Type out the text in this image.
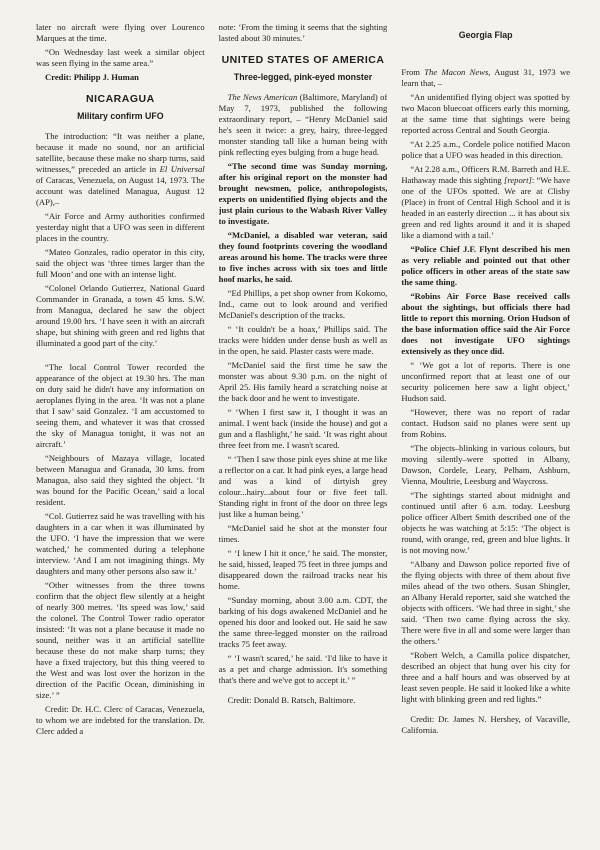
later no aircraft were flying over Lourenco Marques at the time.

“On Wednesday last week a similar object was seen flying in the same area.”

Credit: Philipp J. Human

NICARAGUA
Military confirm UFO

The introduction: “It was neither a plane, because it made no sound, nor an artificial satellite, because these make no sharp turns, said witnesses,” preceded an article in El Universal of Caracas, Venezuela, on August 14, 1973. The account was datelined Managua, August 12 (AP),–

“Air Force and Army authorities confirmed yesterday night that a UFO was seen in different places in the country.

“Mateo Gonzales, radio operator in this city, said the object was ‘three times larger than the full Moon’ and one with an intense light.

“Colonel Orlando Gutierrez, National Guard Commander in Granada, a town 45 kms. S.W. from Managua, declared he saw the object around 19.00 hrs. ‘I have seen it with an aircraft shape, but shining with green and red lights that illuminated a good part of the city.’

“The local Control Tower recorded the appearance of the object at 19.30 hrs. The man on duty said he didn't have any information on aeroplanes flying in the area. ‘It was not a plane that I saw’ said Gonzalez. ‘I am accustomed to seeing them, and whatever it was that crossed the sky of Managua tonight, it was not an aircraft.’

“Neighbours of Mazaya village, located between Managua and Granada, 30 kms. from Managua, also said they sighted the object. ‘It was bound for the Pacific Ocean,’ said a local resident.

“Col. Gutierrez said he was travelling with his daughters in a car when it was illuminated by the UFO. ‘I have the impression that we were watched,’ he commented during a telephone interview. ‘And I am not imagining things. My daughters and many other persons also saw it.’

“Other witnesses from the three towns confirm that the object flew silently at a height of nearly 300 metres. ‘Its speed was low,’ said the colonel. The Control Tower radio operator insisted: ‘It was not a plane because it made no sound, neither was it an artificial satellite because these do not make sharp turns; they have a fixed trajectory, but this thing veered to the West and was lost over the horizon in the direction of the Pacific Ocean, diminishing in size.’ ”

Credit: Dr. H.C. Clerc of Caracas, Venezuela, to whom we are indebted for the translation. Dr. Clerc added a

note: ‘From the timing it seems that the sighting lasted about 30 minutes.’

UNITED STATES OF AMERICA
Three-legged, pink-eyed monster

The News American (Baltimore, Maryland) of May 7, 1973, published the following extraordinary report, – “Henry McDaniel said he's seen it twice: a grey, hairy, three-legged monster standing tall like a human being with pink reflecting eyes bulging from a huge head.

“The second time was Sunday morning, after his original report on the monster had brought newsmen, police, anthropologists, experts on unidentified flying objects and the just plain curious to the Wabash River Valley to investigate.

“McDaniel, a disabled war veteran, said they found footprints covering the woodland areas around his home. The tracks were three to five inches across with six toes and little hoof marks, he said.

“Ed Phillips, a pet shop owner from Kokomo, Ind., came out to look around and verified McDaniel's description of the tracks.

“ ‘It couldn't be a hoax,’ Phillips said. The tracks were hidden under dense bush as well as in the open, he said. Plaster casts were made.

“McDaniel said the first time he saw the monster was about 9.30 p.m. on the night of April 25. His family heard a scratching noise at the back door and he went to investigate.

“ ‘When I first saw it, I thought it was an animal. I went back (inside the house) and got a gun and a flashlight,’ he said. ‘It was right about three feet from me. I wasn't scared.

“ ‘Then I saw those pink eyes shine at me like a reflector on a car. It had pink eyes, a large head and was a kind of dirtyish grey colour...hairy...about four or five feet tall. Standing right in front of the door on three legs just like a human being.’

“McDaniel said he shot at the monster four times.

“ ‘I knew I hit it once,’ he said. The monster, he said, hissed, leaped 75 feet in three jumps and disappeared down the railroad tracks near his home.

“Sunday morning, about 3.00 a.m. CDT, the barking of his dogs awakened McDaniel and he opened his door and looked out. He said he saw the same three-legged monster on the railroad tracks 75 feet away.

“ ‘I wasn't scared,’ he said. ‘I'd like to have it as a pet and charge admission. It's something that's there and we've got to accept it.’ ”

Credit: Donald B. Ratsch, Baltimore.

Georgia Flap

From The Macon News, August 31, 1973 we learn that, –

“An unidentified flying object was spotted by two Macon bluecoat officers early this morning, at the same time that sightings were being reported across Central and South Georgia.

“At 2.25 a.m., Cordele police notified Macon police that a UFO was headed in this direction.

“At 2.28 a.m., Officers R.M. Barreth and H.E. Hathaway made this sighting [report]: “We have one of the UFOs spotted. We are at Clisby (Place) in front of Central High School and it is headed in an easterly direction ... it has about six green and red lights around it and it is shaped like a diamond with a tail.’

“Police Chief J.F. Flynt described his men as very reliable and pointed out that other police officers in other areas of the state saw the same thing.

“Robins Air Force Base received calls about the sightings, but officials there had little to report this morning. Orion Hudson of the base information office said the Air Force does not investigate UFO sightings extensively as they once did.

“ ‘We got a lot of reports. There is one unconfirmed report that at least one of our security policemen here saw a light object,’ Hudson said.

“However, there was no report of radar contact. Hudson said no planes were sent up from Robins.

“The objects–blinking in various colours, but moving silently–were spotted in Albany, Dawson, Cordele, Leary, Pelham, Ashburn, Vienna, Moultrie, Leesburg and Waycross.

“The sightings started about midnight and continued until after 6 a.m. today. Leesburg police officer Albert Smith described one of the objects he was watching at 5:15: ‘The object is round, with orange, red, green and blue lights. It is not moving now.’

“Albany and Dawson police reported five of the flying objects with three of them about five miles ahead of the two others. Susan Shingler, an Albany Herald reporter, said she watched the objects with officers. ‘We had three in sight,’ she said. ‘Then two came flying across the sky. There were five in all and some were larger than the others.’

“Robert Welch, a Camilla police dispatcher, described an object that hung over his city for three and a half hours and was observed by at least seven people. He said it looked like a white light with blinking green and red lights.”

Credit: Dr. James N. Hershey, of Vacaville, California.
